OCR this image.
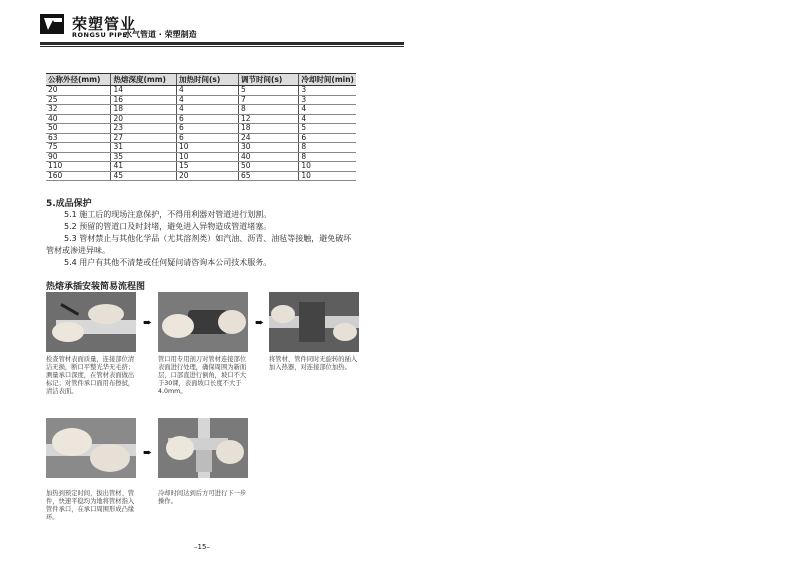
荣塑管业
RONGSU PIPE
水气管道 · 荣塑制造
公称外径(mm)	热熔深度(mm)	加热时间(s)	调节时间(s)	冷却时间(min)
20	14	4	5	3
25	16	4	7	3
32	18	4	8	4
40	20	6	12	4
50	23	6	18	5
63	27	6	24	6
75	31	10	30	8
90	35	10	40	8
110	41	15	50	10
160	45	20	65	10
5.成品保护
5.1 施工后的现场注意保护，不得用利器对管道进行划割。
5.2 预留的管道口及时封堵，避免进入异物造成管道堵塞。
5.3 管材禁止与其他化学品（尤其溶剂类）如汽油、沥青、油毡等接触，避免破坏管材或渗进异味。
5.4 用户有其他不清楚或任何疑问请咨询本公司技术服务。
热熔承插安装简易流程图
➨	➨
➨
检查管材表面质量，连接部位清洁无损，断口平整光华无毛挤；测量承口深度，在管材表面做出标记；对管件承口面用布擦拭，清洁表面。
管口用专用剖刀对管材连接部位表面进行处理，确保周围为新面层，口部直进行倒角，坡口不大于30课，表面坡口长度不大于4.0mm。
将管材、管件同时无旋转的插入加入热器，对连接部位加热。
加热到预定时间，拔出管材、管件，快速平稳均为地将管材指入管件承口，在承口周围形成凸缘环。
冷却时间达到后方可进行下一步操作。
–15–
